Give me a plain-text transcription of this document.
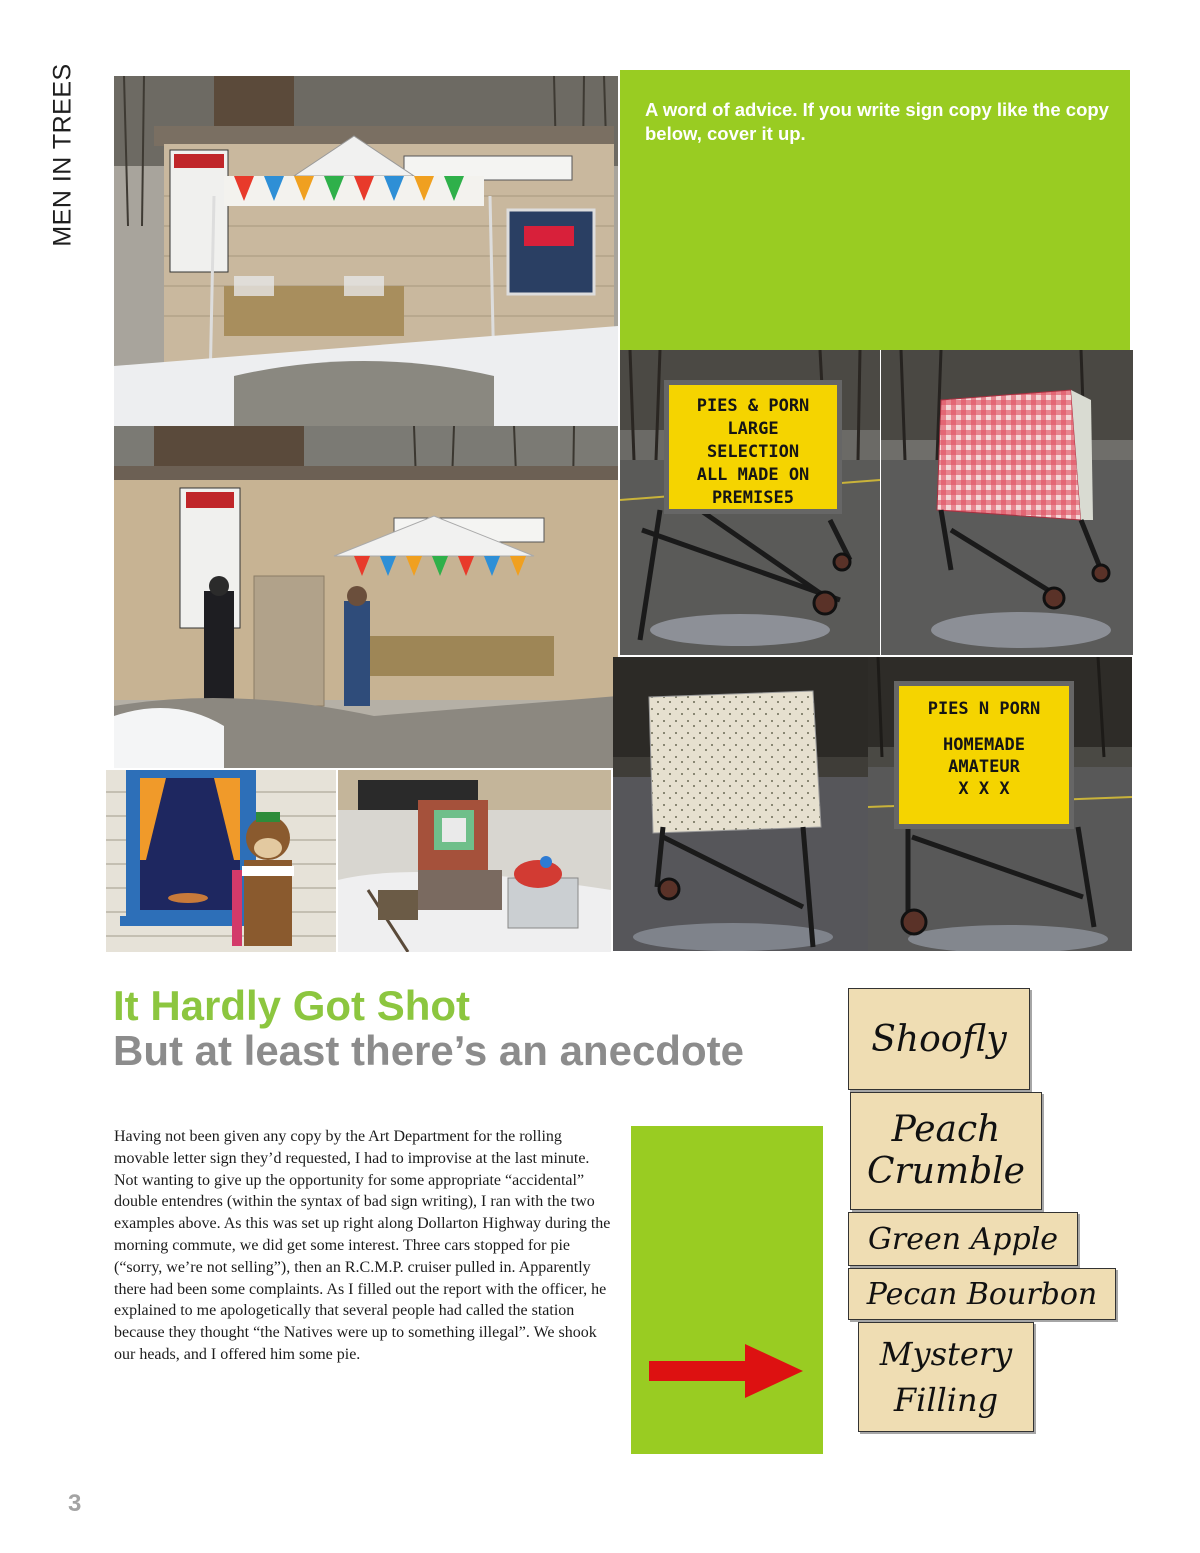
MEN IN TREES	A word of advice. If you write sign copy like the copy below, cover it up.
PIES & PORN
LARGE
SELECTION
ALL MADE ON
PREMISE5
PIES N PORN
HOMEMADE
AMATEUR
X X X
It Hardly Got Shot
But at least there’s an anecdote
Having not been given any copy by the Art Department for the rolling movable letter sign they’d requested, I had to improvise at the last minute. Not wanting to give up the opportunity for some appropriate “accidental” double entendres (within the syntax of bad sign writing), I ran with the two examples above. As this was set up right along Dollarton Highway during the morning commute, we did get some interest. Three cars stopped for pie (“sorry, we’re not selling”), then an R.C.M.P. cruiser pulled in. Apparently there had been some complaints. As I filled out the report with the officer, he explained to me apologetically that several people had called the station because they thought “the Natives were up to something illegal”. We shook our heads, and I offered him some pie.
Shoofly
Peach
Crumble
Green Apple
Pecan Bourbon
Mystery
Filling
3
